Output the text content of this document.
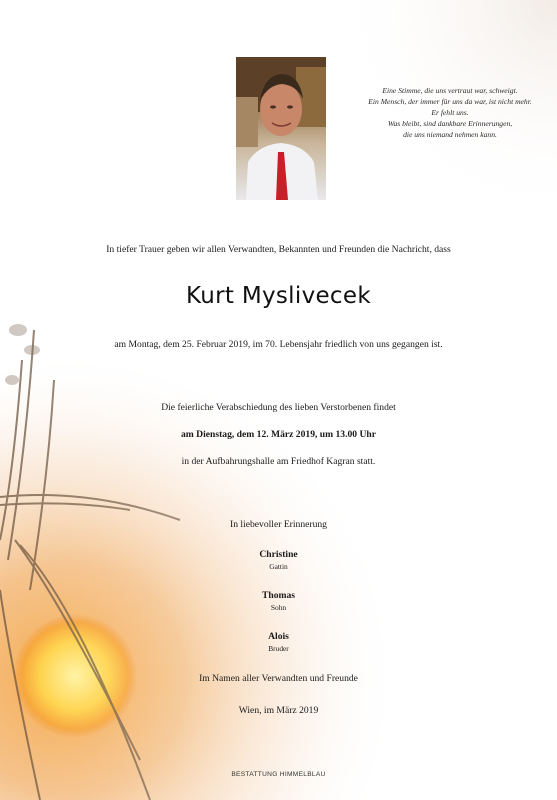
Eine Stimme, die uns vertraut war, schweigt.
Ein Mensch, der immer für uns da war, ist nicht mehr.
Er fehlt uns.
Was bleibt, sind dankbare Erinnerungen,
die uns niemand nehmen kann.
In tiefer Trauer geben wir allen Verwandten, Bekannten und Freunden die Nachricht, dass
Kurt Myslivecek
am Montag, dem 25. Februar 2019, im 70. Lebensjahr friedlich von uns gegangen ist.
Die feierliche Verabschiedung des lieben Verstorbenen findet
am Dienstag, dem 12. März 2019, um 13.00 Uhr
in der Aufbahrungshalle am Friedhof Kagran statt.
In liebevoller Erinnerung
Christine
Gattin
Thomas
Sohn
Alois
Bruder
Im Namen aller Verwandten und Freunde
Wien, im März 2019
BESTATTUNG HIMMELBLAU
